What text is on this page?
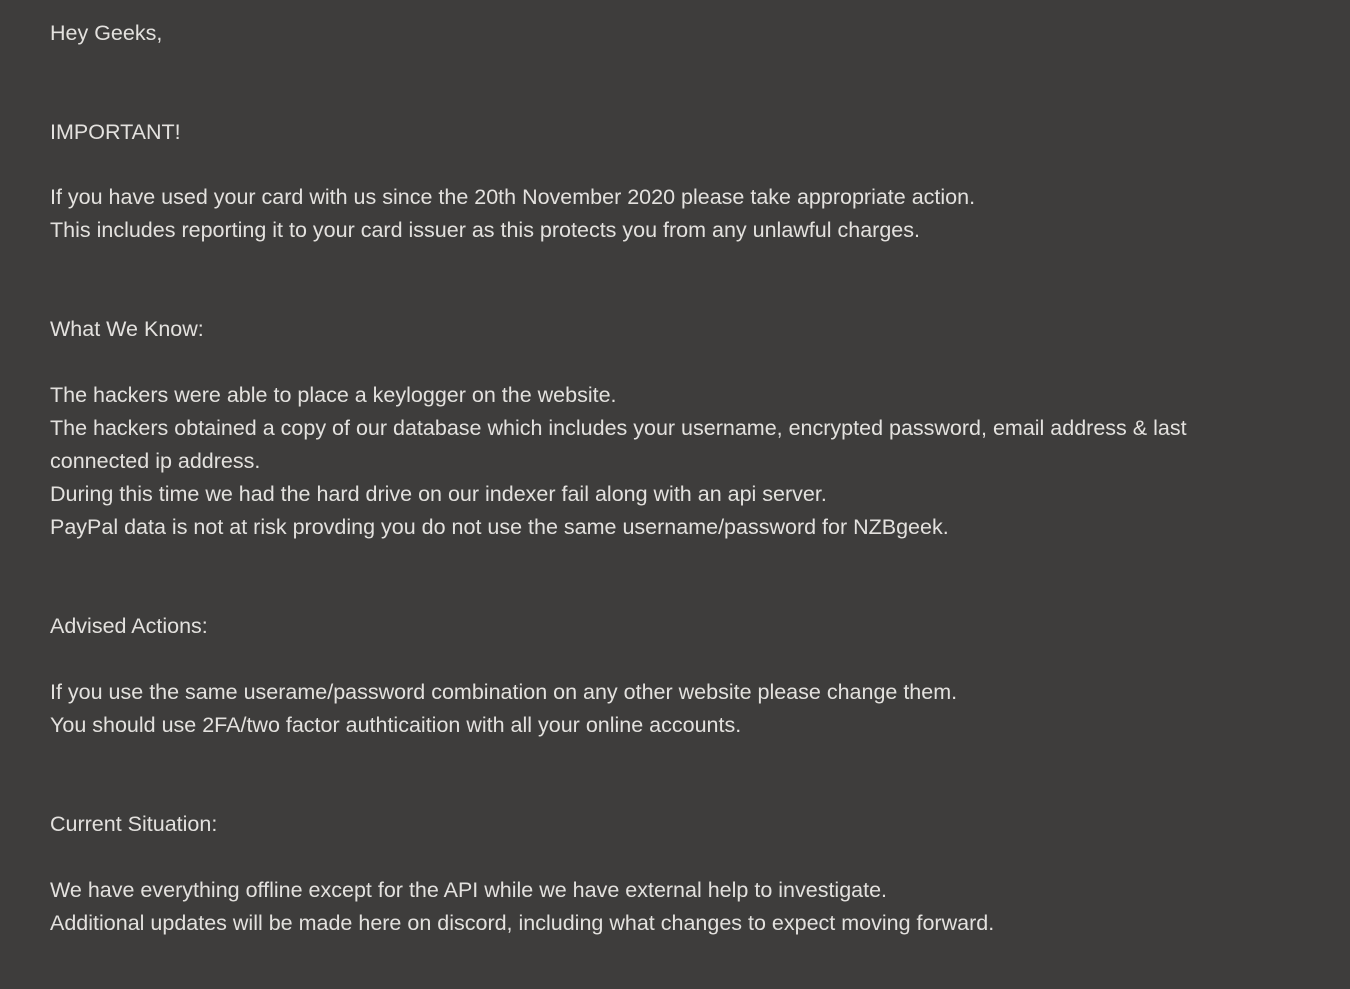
Hey Geeks,
IMPORTANT!
If you have used your card with us since the 20th November 2020 please take appropriate action.
This includes reporting it to your card issuer as this protects you from any unlawful charges.
What We Know:
The hackers were able to place a keylogger on the website.
The hackers obtained a copy of our database which includes your username, encrypted password, email address & last connected ip address.
During this time we had the hard drive on our indexer fail along with an api server.
PayPal data is not at risk provding you do not use the same username/password for NZBgeek.
Advised Actions:
If you use the same userame/password combination on any other website please change them.
You should use 2FA/two factor authticaition with all your online accounts.
Current Situation:
We have everything offline except for the API while we have external help to investigate.
Additional updates will be made here on discord, including what changes to expect moving forward.
